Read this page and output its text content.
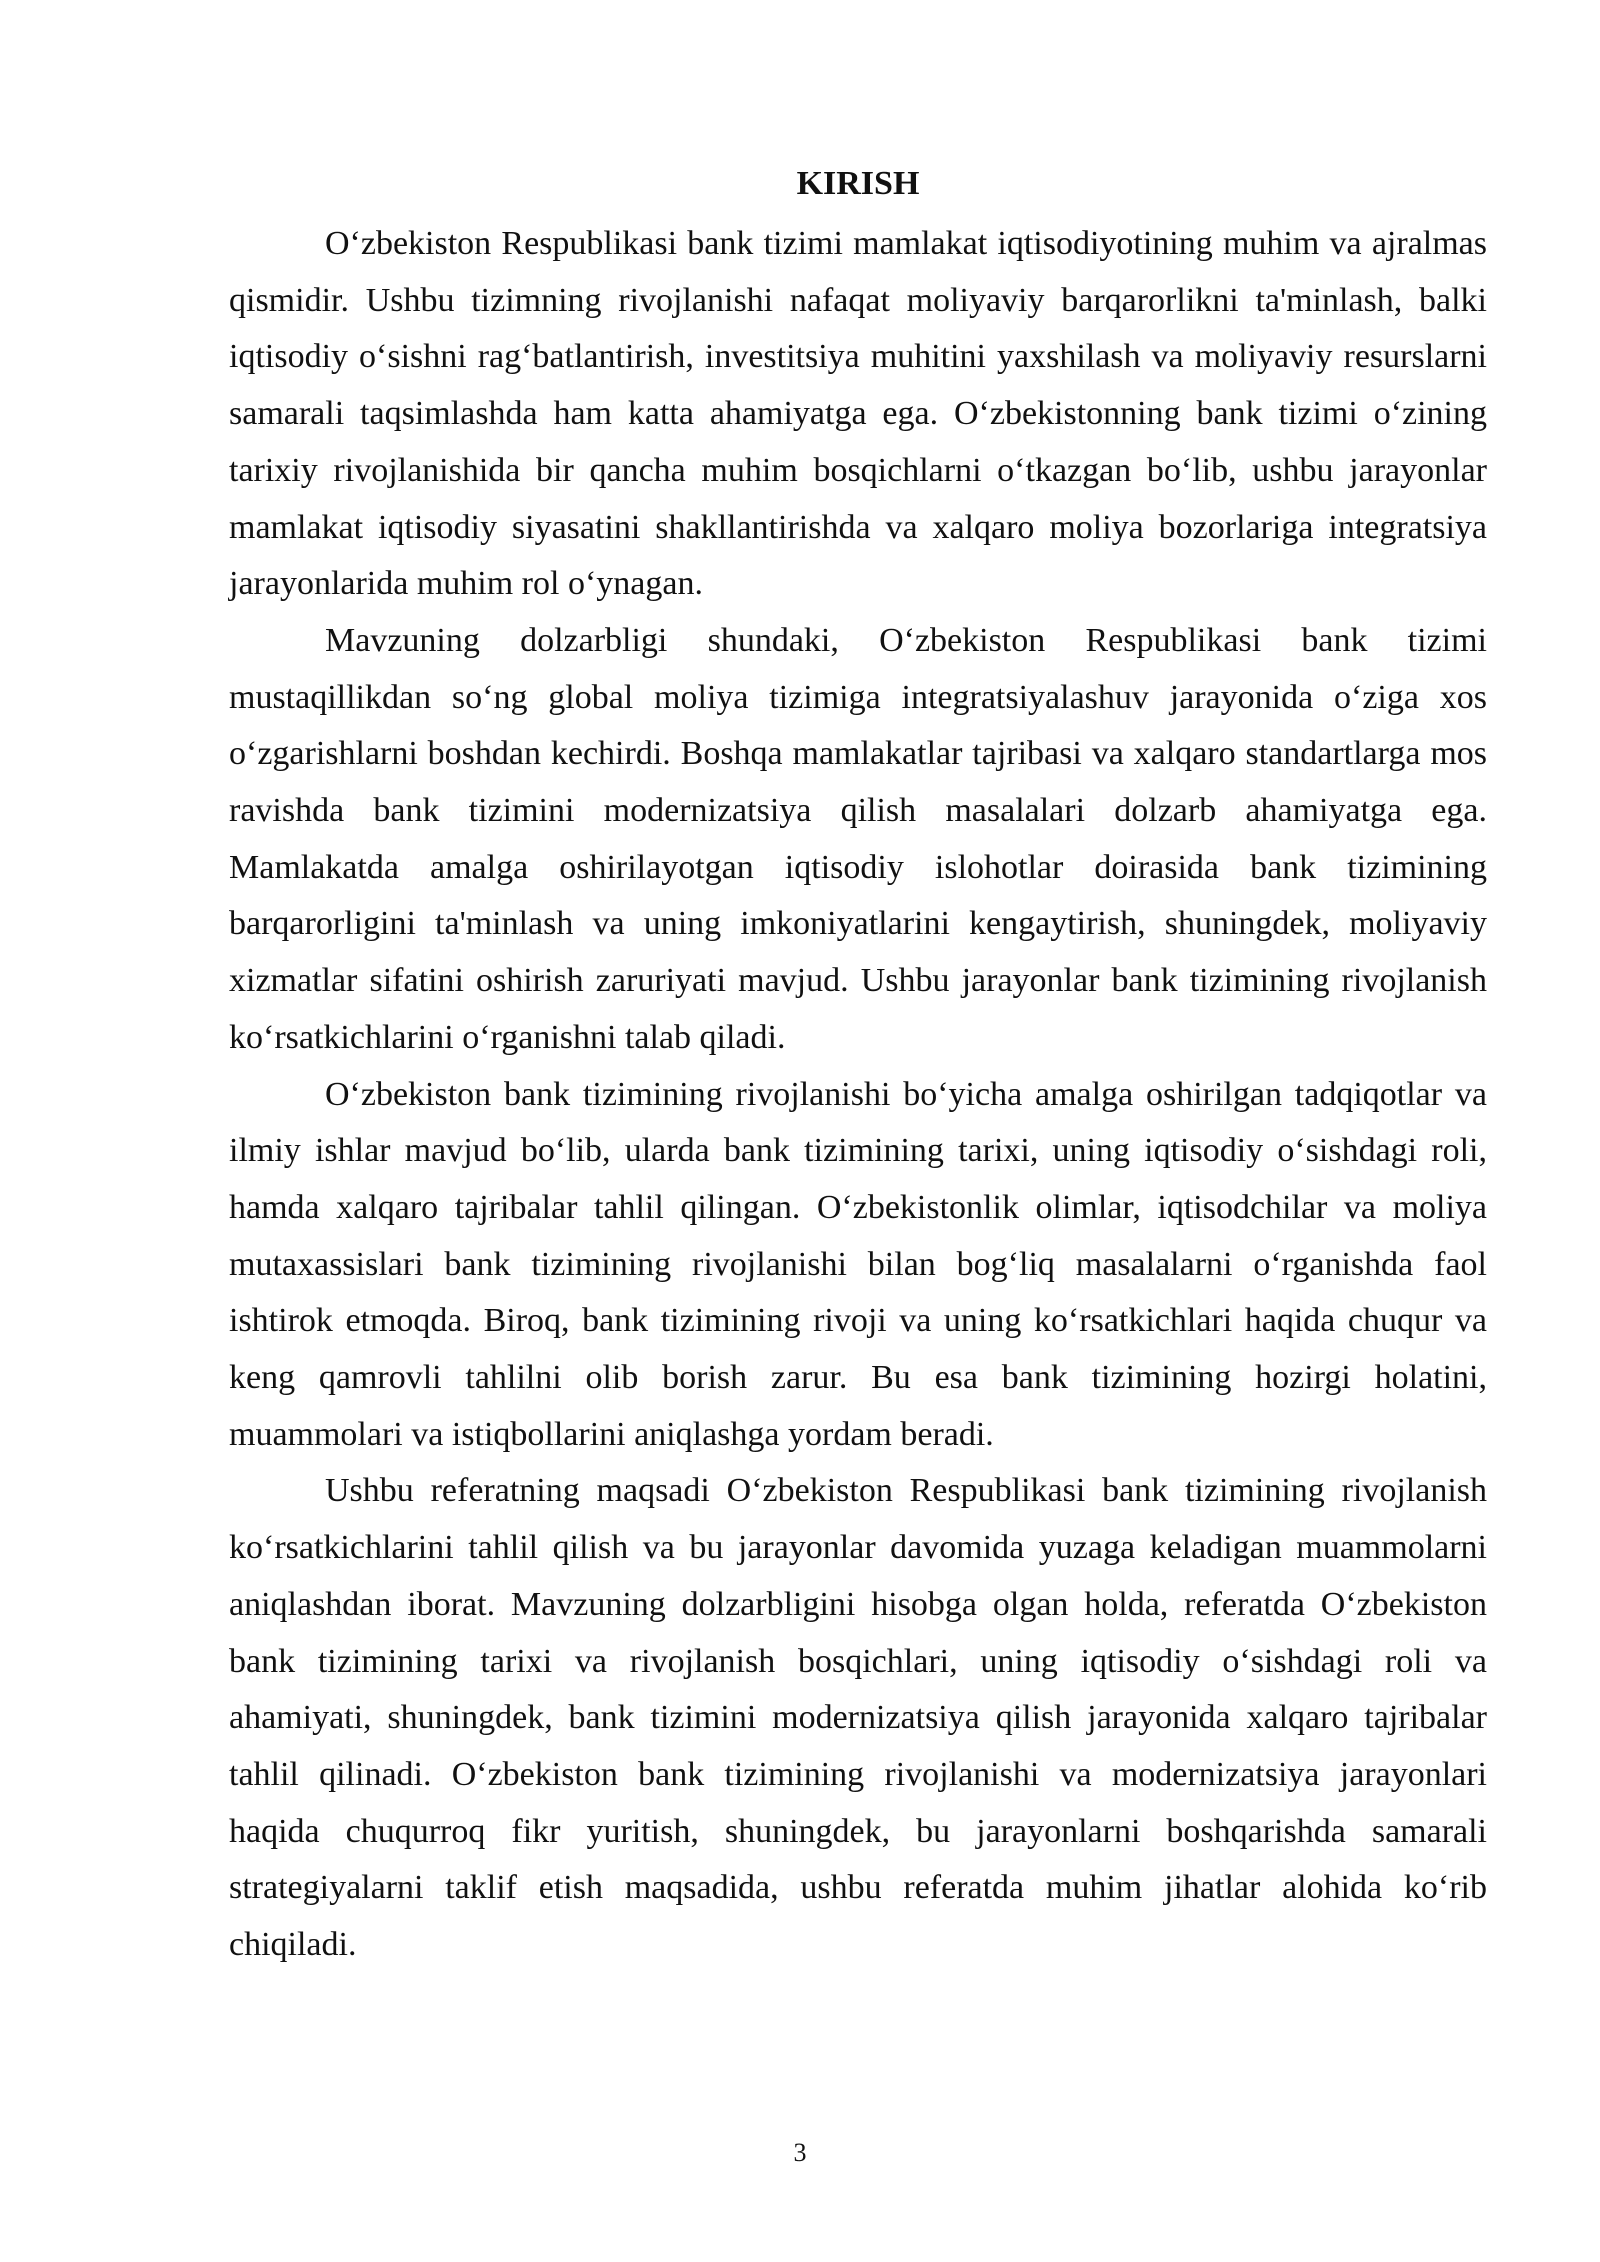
KIRISH

O‘zbekiston Respublikasi bank tizimi mamlakat iqtisodiyotining muhim va ajralmas qismidir. Ushbu tizimning rivojlanishi nafaqat moliyaviy barqarorlikni ta'minlash, balki iqtisodiy o‘sishni rag‘batlantirish, investitsiya muhitini yaxshilash va moliyaviy resurslarni samarali taqsimlashda ham katta ahamiyatga ega. O‘zbekistonning bank tizimi o‘zining tarixiy rivojlanishida bir qancha muhim bosqichlarni o‘tkazgan bo‘lib, ushbu jarayonlar mamlakat iqtisodiy siyasatini shakllantirishda va xalqaro moliya bozorlariga integratsiya jarayonlarida muhim rol o‘ynagan.

Mavzuning dolzarbligi shundaki, O‘zbekiston Respublikasi bank tizimi mustaqillikdan so‘ng global moliya tizimiga integratsiyalashuv jarayonida o‘ziga xos o‘zgarishlarni boshdan kechirdi. Boshqa mamlakatlar tajribasi va xalqaro standartlarga mos ravishda bank tizimini modernizatsiya qilish masalalari dolzarb ahamiyatga ega. Mamlakatda amalga oshirilayotgan iqtisodiy islohotlar doirasida bank tizimining barqarorligini ta'minlash va uning imkoniyatlarini kengaytirish, shuningdek, moliyaviy xizmatlar sifatini oshirish zaruriyati mavjud. Ushbu jarayonlar bank tizimining rivojlanish ko‘rsatkichlarini o‘rganishni talab qiladi.

O‘zbekiston bank tizimining rivojlanishi bo‘yicha amalga oshirilgan tadqiqotlar va ilmiy ishlar mavjud bo‘lib, ularda bank tizimining tarixi, uning iqtisodiy o‘sishdagi roli, hamda xalqaro tajribalar tahlil qilingan. O‘zbekistonlik olimlar, iqtisodchilar va moliya mutaxassislari bank tizimining rivojlanishi bilan bog‘liq masalalarni o‘rganishda faol ishtirok etmoqda. Biroq, bank tizimining rivoji va uning ko‘rsatkichlari haqida chuqur va keng qamrovli tahlilni olib borish zarur. Bu esa bank tizimining hozirgi holatini, muammolari va istiqbollarini aniqlashga yordam beradi.

Ushbu referatning maqsadi O‘zbekiston Respublikasi bank tizimining rivojlanish ko‘rsatkichlarini tahlil qilish va bu jarayonlar davomida yuzaga keladigan muammolarni aniqlashdan iborat. Mavzuning dolzarbligini hisobga olgan holda, referatda O‘zbekiston bank tizimining tarixi va rivojlanish bosqichlari, uning iqtisodiy o‘sishdagi roli va ahamiyati, shuningdek, bank tizimini modernizatsiya qilish jarayonida xalqaro tajribalar tahlil qilinadi. O‘zbekiston bank tizimining rivojlanishi va modernizatsiya jarayonlari haqida chuqurroq fikr yuritish, shuningdek, bu jarayonlarni boshqarishda samarali strategiyalarni taklif etish maqsadida, ushbu referatda muhim jihatlar alohida ko‘rib chiqiladi.

3
